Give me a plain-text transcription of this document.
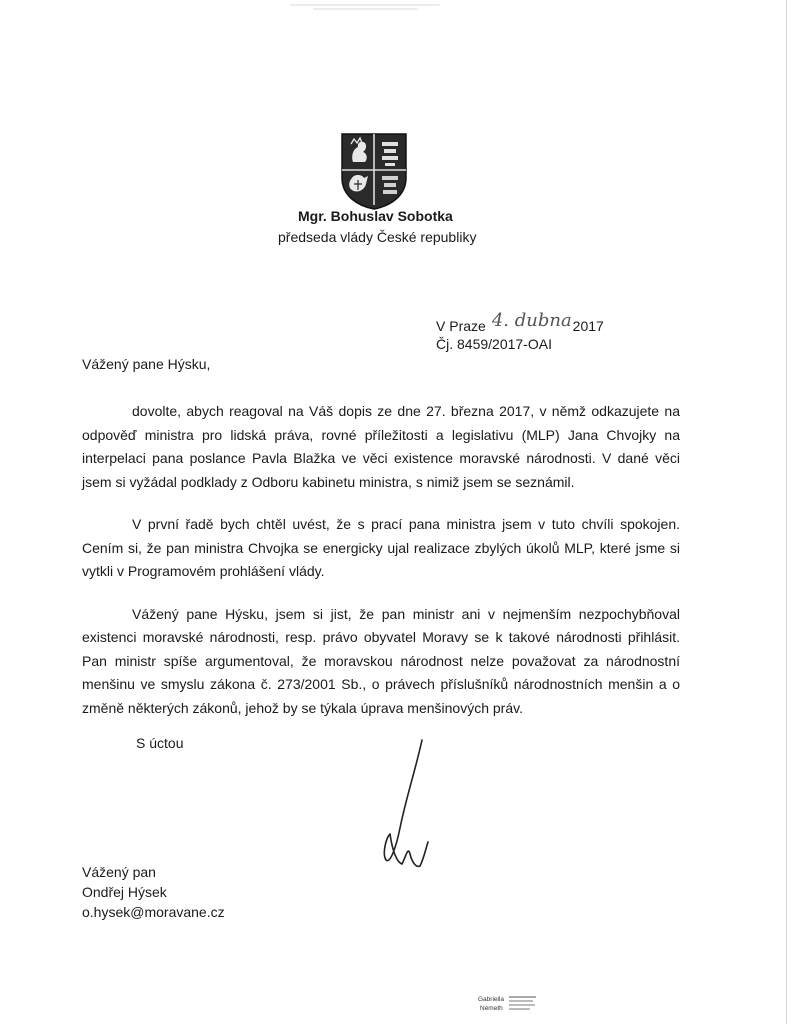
Mgr. Bohuslav Sobotka
předseda vlády České republiky
V Praze 4. dubna2017
Čj. 8459/2017-OAI
Vážený pane Hýsku,

dovolte, abych reagoval na Váš dopis ze dne 27. března 2017, v němž odkazujete na odpověď ministra pro lidská práva, rovné příležitosti a legislativu (MLP) Jana Chvojky na interpelaci pana poslance Pavla Blažka ve věci existence moravské národnosti. V dané věci jsem si vyžádal podklady z Odboru kabinetu ministra, s nimiž jsem se seznámil.

V první řadě bych chtěl uvést, že s prací pana ministra jsem v tuto chvíli spokojen. Cením si, že pan ministra Chvojka se energicky ujal realizace zbylých úkolů MLP, které jsme si vytkli v Programovém prohlášení vlády.

Vážený pane Hýsku, jsem si jist, že pan ministr ani v nejmenším nezpochybňoval existenci moravské národnosti, resp. právo obyvatel Moravy se k takové národnosti přihlásit. Pan ministr spíše argumentoval, že moravskou národnost nelze považovat za národnostní menšinu ve smyslu zákona č. 273/2001 Sb., o právech příslušníků národnostních menšin a o změně některých zákonů, jehož by se týkala úprava menšinových práv.

S úctou
Vážený pan
Ondřej Hýsek
o.hysek@moravane.cz
Gabriella
Németh
